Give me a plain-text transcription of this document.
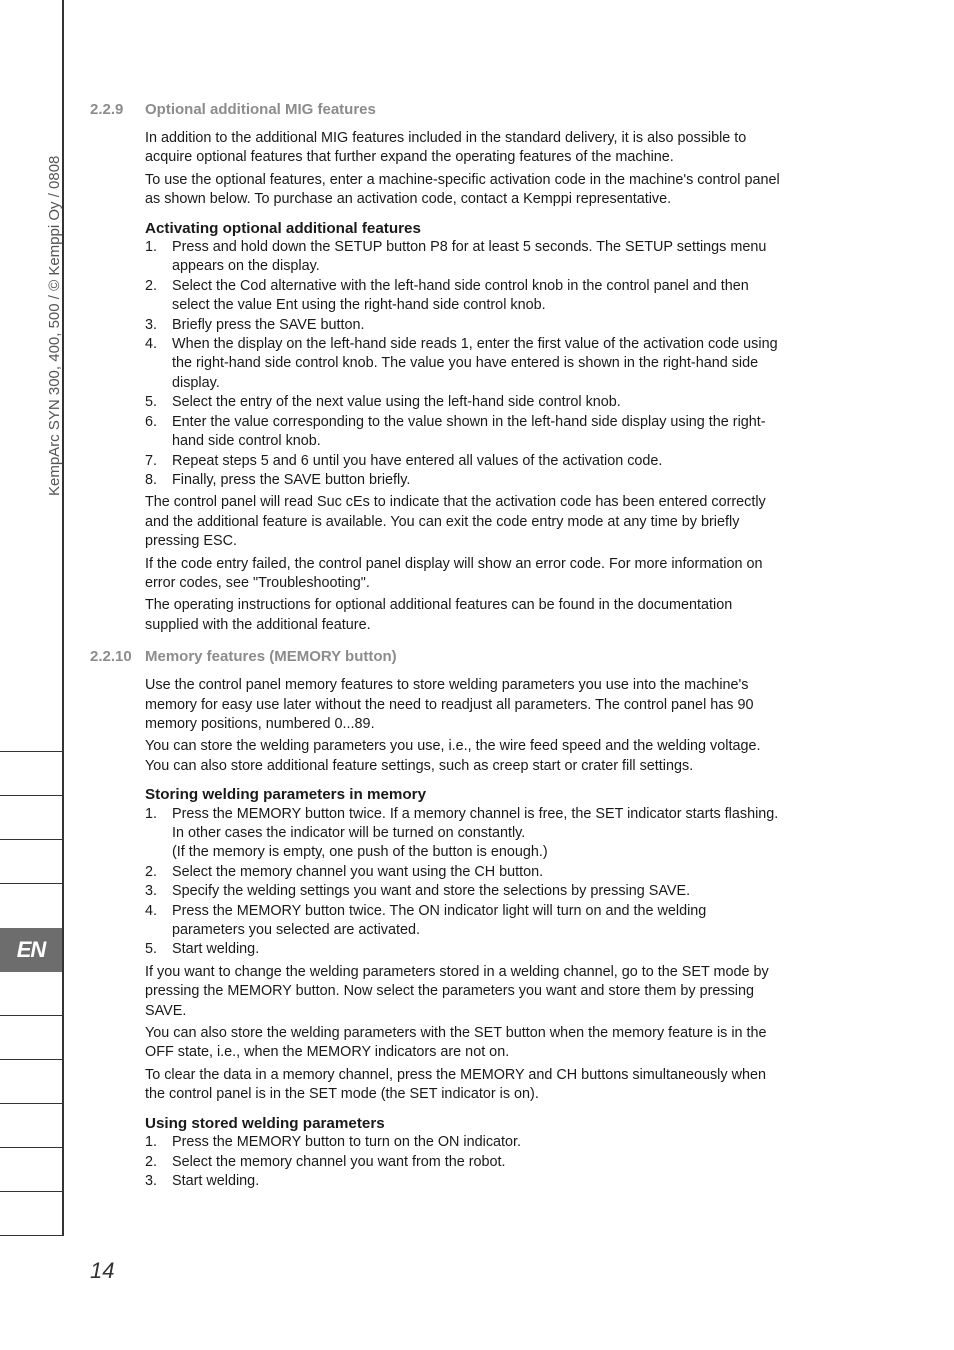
KempArc SYN 300, 400, 500 / © Kemppi Oy / 0808
EN
14
2.2.9	Optional additional MIG features

In addition to the additional MIG features included in the standard delivery, it is also possible to acquire optional features that further expand the operating features of the machine.

To use the optional features, enter a machine-specific activation code in the machine's control panel as shown below. To purchase an activation code, contact a Kemppi representative.

Activating optional additional features
1.	Press and hold down the SETUP button P8 for at least 5 seconds. The SETUP settings menu appears on the display.
2.	Select the Cod alternative with the left-hand side control knob in the control panel and then select the value Ent using the right-hand side control knob.
3.	Briefly press the SAVE button.
4.	When the display on the left-hand side reads 1, enter the first value of the activation code using the right-hand side control knob. The value you have entered is shown in the right-hand side display.
5.	Select the entry of the next value using the left-hand side control knob.
6.	Enter the value corresponding to the value shown in the left-hand side display using the right-hand side control knob.
7.	Repeat steps 5 and 6 until you have entered all values of the activation code.
8.	Finally, press the SAVE button briefly.

The control panel will read Suc cEs to indicate that the activation code has been entered correctly and the additional feature is available. You can exit the code entry mode at any time by briefly pressing ESC.

If the code entry failed, the control panel display will show an error code. For more information on error codes, see "Troubleshooting".

The operating instructions for optional additional features can be found in the documentation supplied with the additional feature.

2.2.10 Memory features (MEMORY button)

Use the control panel memory features to store welding parameters you use into the machine's memory for easy use later without the need to readjust all parameters. The control panel has 90 memory positions, numbered 0...89.

You can store the welding parameters you use, i.e., the wire feed speed and the welding voltage. You can also store additional feature settings, such as creep start or crater fill settings.

Storing welding parameters in memory
1.	Press the MEMORY button twice. If a memory channel is free, the SET indicator starts flashing. In other cases the indicator will be turned on constantly.
(If the memory is empty, one push of the button is enough.)
2.	Select the memory channel you want using the CH button.
3.	Specify the welding settings you want and store the selections by pressing SAVE.
4.	Press the MEMORY button twice. The ON indicator light will turn on and the welding parameters you selected are activated.
5.	Start welding.

If you want to change the welding parameters stored in a welding channel, go to the SET mode by pressing the MEMORY button. Now select the parameters you want and store them by pressing SAVE.

You can also store the welding parameters with the SET button when the memory feature is in the OFF state, i.e., when the MEMORY indicators are not on.

To clear the data in a memory channel, press the MEMORY and CH buttons simultaneously when the control panel is in the SET mode (the SET indicator is on).

Using stored welding parameters
1.	Press the MEMORY button to turn on the ON indicator.
2.	Select the memory channel you want from the robot.
3.	Start welding.
